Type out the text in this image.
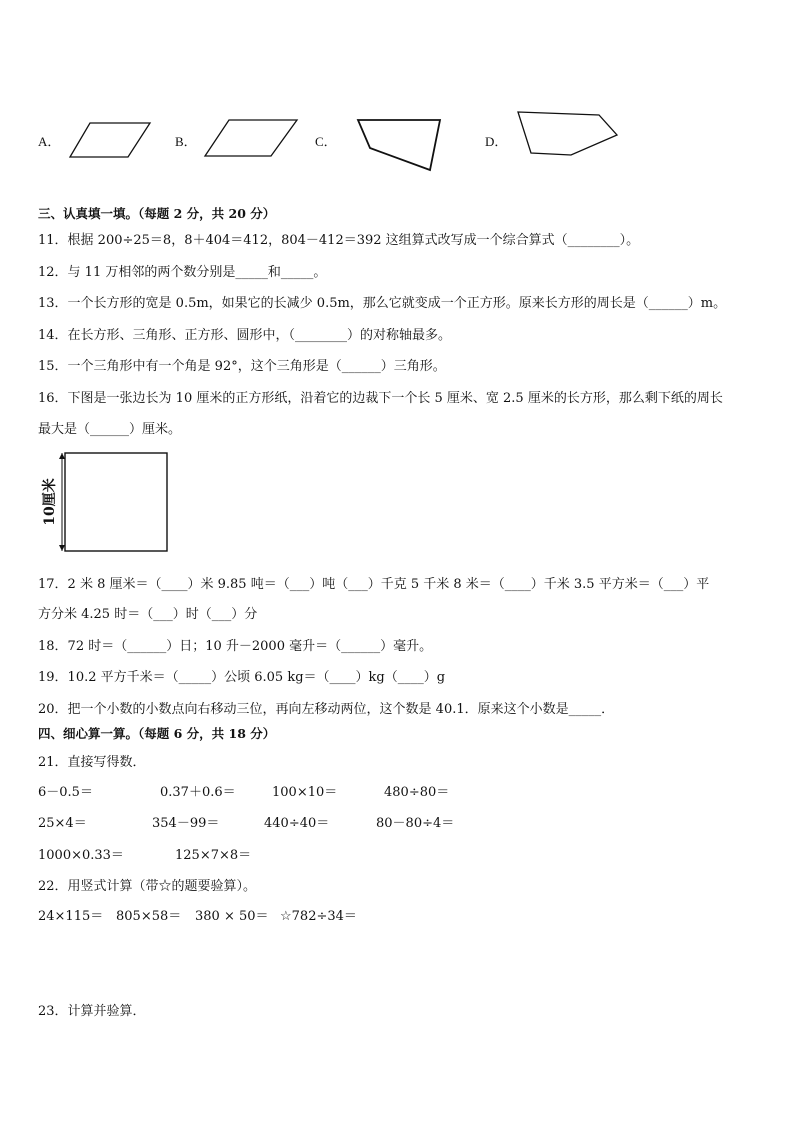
A．	B．	C．	D．
三、认真填一填。（每题 2 分，共 20 分）
11．根据 200÷25＝8，8＋404＝412，804－412＝392 这组算式改写成一个综合算式（________）。
12．与 11 万相邻的两个数分别是_____和_____。
13．一个长方形的宽是 0.5m，如果它的长减少 0.5m，那么它就变成一个正方形。原来长方形的周长是（______）m。
14．在长方形、三角形、正方形、圆形中，（________）的对称轴最多。
15．一个三角形中有一个角是 92°，这个三角形是（______）三角形。
16．下图是一张边长为 10 厘米的正方形纸，沿着它的边裁下一个长 5 厘米、宽 2.5 厘米的长方形，那么剩下纸的周长
最大是（______）厘米。
10厘米
17．2 米 8 厘米＝（____）米 9.85 吨＝（___）吨（___）千克 5 千米 8 米＝（____）千米 3.5 平方米＝（___）平
方分米 4.25 时＝（___）时（___）分
18．72 时＝（______）日；10 升－2000 毫升＝（______）毫升。
19．10.2 平方千米＝（_____）公顷 6.05 kg＝（____）kg（____）g
20．把一个小数的小数点向右移动三位，再向左移动两位，这个数是 40.1．原来这个小数是_____．
四、细心算一算。（每题 6 分，共 18 分）
21．直接写得数．
6－0.5＝	0.37＋0.6＝	100×10＝	480÷80＝
25×4＝	354－99＝	440÷40＝	80－80÷4＝
1000×0.33＝	125×7×8＝
22．用竖式计算（带☆的题要验算）。
24×115＝ 805×58＝ 380 × 50＝ ☆782÷34＝
23．计算并验算．
